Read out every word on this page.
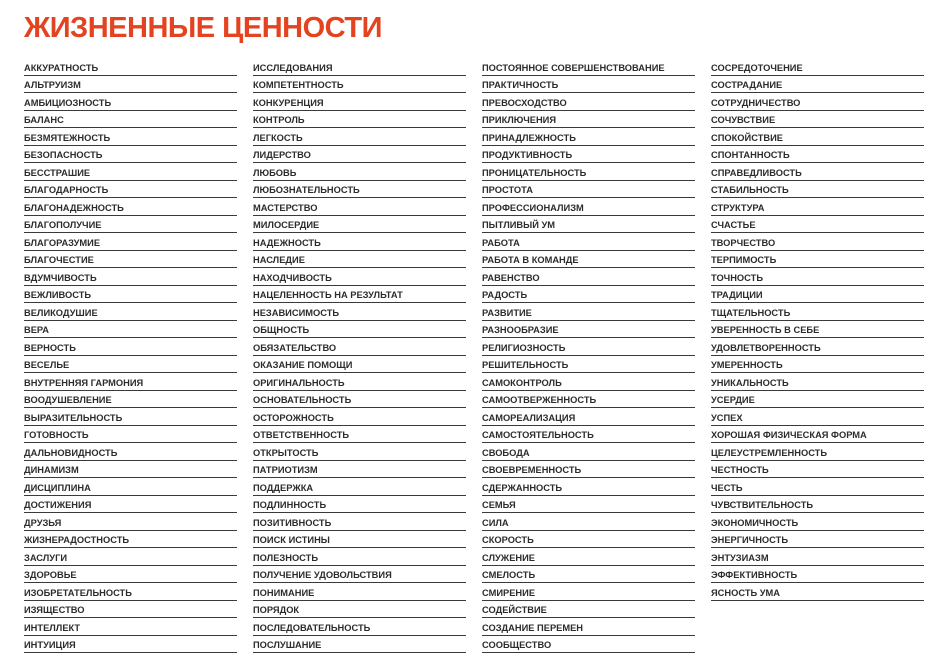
ЖИЗНЕННЫЕ ЦЕННОСТИ
АККУРАТНОСТЬ
АЛЬТРУИЗМ
АМБИЦИОЗНОСТЬ
БАЛАНС
БЕЗМЯТЕЖНОСТЬ
БЕЗОПАСНОСТЬ
БЕССТРАШИЕ
БЛАГОДАРНОСТЬ
БЛАГОНАДЕЖНОСТЬ
БЛАГОПОЛУЧИЕ
БЛАГОРАЗУМИЕ
БЛАГОЧЕСТИЕ
ВДУМЧИВОСТЬ
ВЕЖЛИВОСТЬ
ВЕЛИКОДУШИЕ
ВЕРА
ВЕРНОСТЬ
ВЕСЕЛЬЕ
ВНУТРЕННЯЯ ГАРМОНИЯ
ВООДУШЕВЛЕНИЕ
ВЫРАЗИТЕЛЬНОСТЬ
ГОТОВНОСТЬ
ДАЛЬНОВИДНОСТЬ
ДИНАМИЗМ
ДИСЦИПЛИНА
ДОСТИЖЕНИЯ
ДРУЗЬЯ
ЖИЗНЕРАДОСТНОСТЬ
ЗАСЛУГИ
ЗДОРОВЬЕ
ИЗОБРЕТАТЕЛЬНОСТЬ
ИЗЯЩЕСТВО
ИНТЕЛЛЕКТ
ИНТУИЦИЯ
ИССЛЕДОВАНИЯ
КОМПЕТЕНТНОСТЬ
КОНКУРЕНЦИЯ
КОНТРОЛЬ
ЛЕГКОСТЬ
ЛИДЕРСТВО
ЛЮБОВЬ
ЛЮБОЗНАТЕЛЬНОСТЬ
МАСТЕРСТВО
МИЛОСЕРДИЕ
НАДЕЖНОСТЬ
НАСЛЕДИЕ
НАХОДЧИВОСТЬ
НАЦЕЛЕННОСТЬ НА РЕЗУЛЬТАТ
НЕЗАВИСИМОСТЬ
ОБЩНОСТЬ
ОБЯЗАТЕЛЬСТВО
ОКАЗАНИЕ ПОМОЩИ
ОРИГИНАЛЬНОСТЬ
ОСНОВАТЕЛЬНОСТЬ
ОСТОРОЖНОСТЬ
ОТВЕТСТВЕННОСТЬ
ОТКРЫТОСТЬ
ПАТРИОТИЗМ
ПОДДЕРЖКА
ПОДЛИННОСТЬ
ПОЗИТИВНОСТЬ
ПОИСК ИСТИНЫ
ПОЛЕЗНОСТЬ
ПОЛУЧЕНИЕ УДОВОЛЬСТВИЯ
ПОНИМАНИЕ
ПОРЯДОК
ПОСЛЕДОВАТЕЛЬНОСТЬ
ПОСЛУШАНИЕ
ПОСТОЯННОЕ СОВЕРШЕНСТВОВАНИЕ
ПРАКТИЧНОСТЬ
ПРЕВОСХОДСТВО
ПРИКЛЮЧЕНИЯ
ПРИНАДЛЕЖНОСТЬ
ПРОДУКТИВНОСТЬ
ПРОНИЦАТЕЛЬНОСТЬ
ПРОСТОТА
ПРОФЕССИОНАЛИЗМ
ПЫТЛИВЫЙ УМ
РАБОТА
РАБОТА В КОМАНДЕ
РАВЕНСТВО
РАДОСТЬ
РАЗВИТИЕ
РАЗНООБРАЗИЕ
РЕЛИГИОЗНОСТЬ
РЕШИТЕЛЬНОСТЬ
САМОКОНТРОЛЬ
САМООТВЕРЖЕННОСТЬ
САМОРЕАЛИЗАЦИЯ
САМОСТОЯТЕЛЬНОСТЬ
СВОБОДА
СВОЕВРЕМЕННОСТЬ
СДЕРЖАННОСТЬ
СЕМЬЯ
СИЛА
СКОРОСТЬ
СЛУЖЕНИЕ
СМЕЛОСТЬ
СМИРЕНИЕ
СОДЕЙСТВИЕ
СОЗДАНИЕ ПЕРЕМЕН
СООБЩЕСТВО
СОСРЕДОТОЧЕНИЕ
СОСТРАДАНИЕ
СОТРУДНИЧЕСТВО
СОЧУВСТВИЕ
СПОКОЙСТВИЕ
СПОНТАННОСТЬ
СПРАВЕДЛИВОСТЬ
СТАБИЛЬНОСТЬ
СТРУКТУРА
СЧАСТЬЕ
ТВОРЧЕСТВО
ТЕРПИМОСТЬ
ТОЧНОСТЬ
ТРАДИЦИИ
ТЩАТЕЛЬНОСТЬ
УВЕРЕННОСТЬ В СЕБЕ
УДОВЛЕТВОРЕННОСТЬ
УМЕРЕННОСТЬ
УНИКАЛЬНОСТЬ
УСЕРДИЕ
УСПЕХ
ХОРОШАЯ ФИЗИЧЕСКАЯ ФОРМА
ЦЕЛЕУСТРЕМЛЕННОСТЬ
ЧЕСТНОСТЬ
ЧЕСТЬ
ЧУВСТВИТЕЛЬНОСТЬ
ЭКОНОМИЧНОСТЬ
ЭНЕРГИЧНОСТЬ
ЭНТУЗИАЗМ
ЭФФЕКТИВНОСТЬ
ЯСНОСТЬ УМА
